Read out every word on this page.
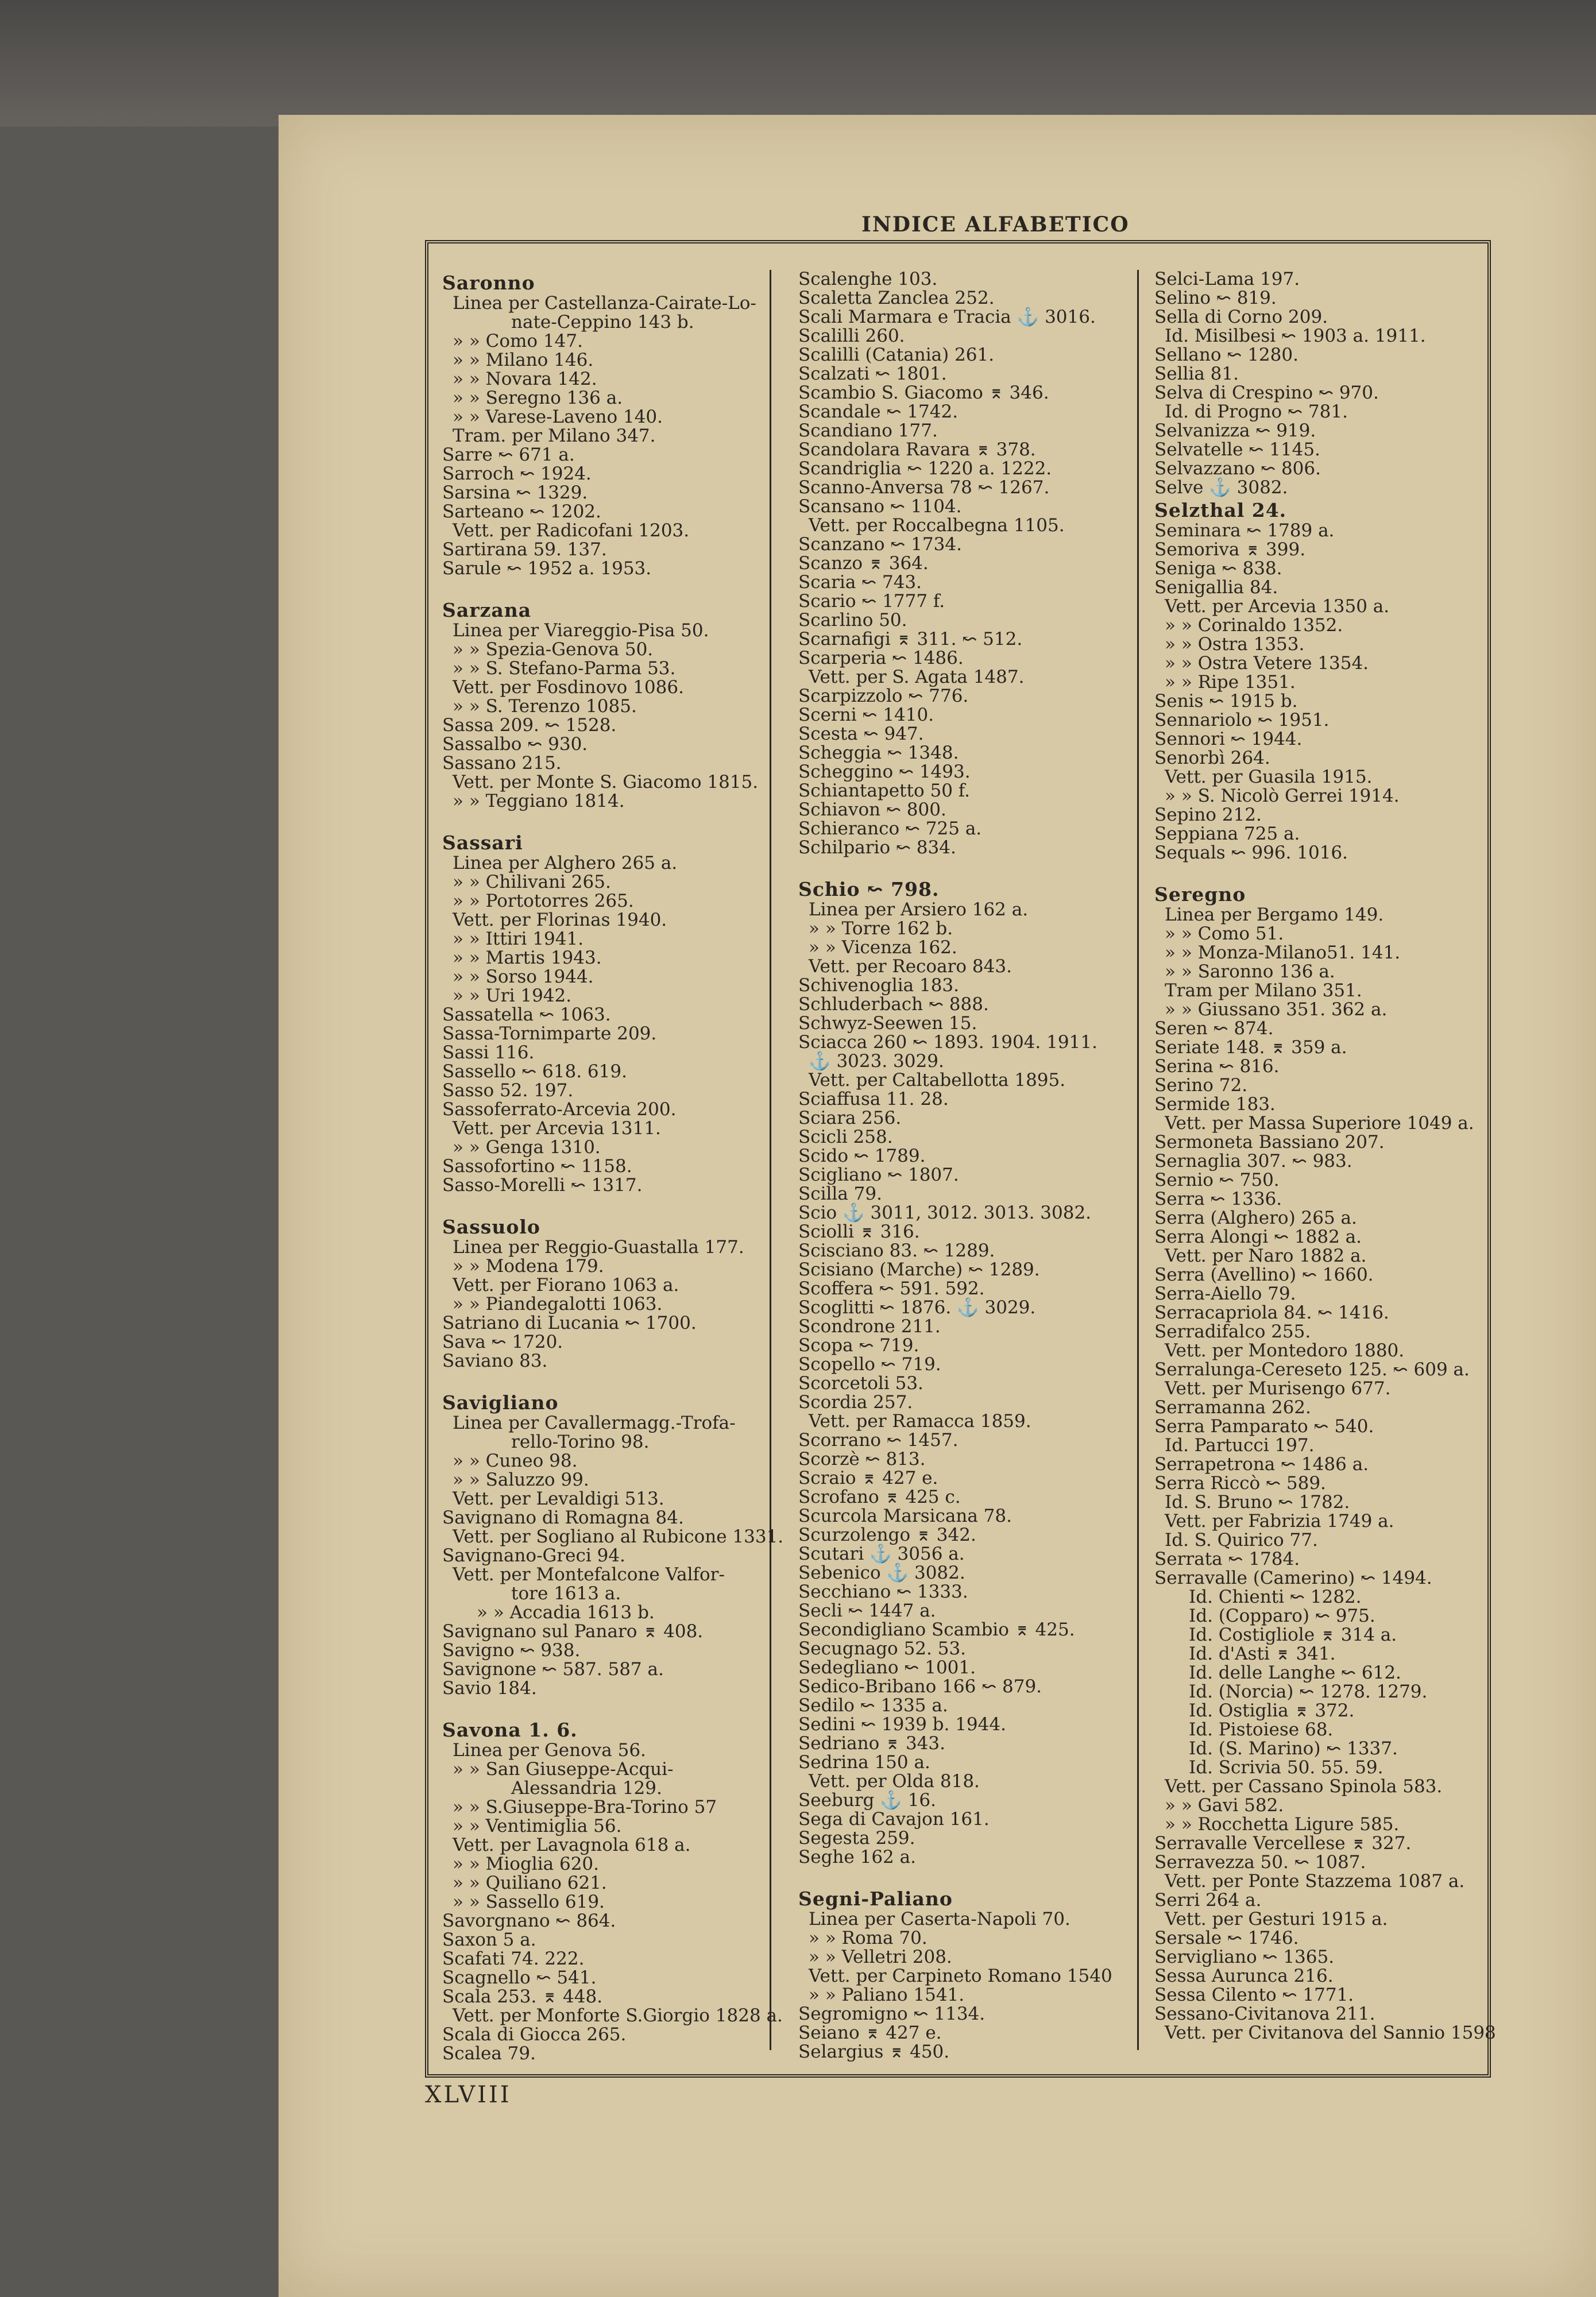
INDICE ALFABETICO
Saronno
Linea per Castellanza-Cairate-Lo-
nate-Ceppino 143 b.
» » Como 147.
» » Milano 146.
» » Novara 142.
» » Seregno 136 a.
» » Varese-Laveno 140.
Tram. per Milano 347.
Sarre ↜ 671 a.
Sarroch ↜ 1924.
Sarsina ↜ 1329.
Sarteano ↜ 1202.
Vett. per Radicofani 1203.
Sartirana 59. 137.
Sarule ↜ 1952 a. 1953.
Sarzana
Linea per Viareggio-Pisa 50.
» » Spezia-Genova 50.
» » S. Stefano-Parma 53.
Vett. per Fosdinovo 1086.
» » S. Terenzo 1085.
Sassa 209. ↜ 1528.
Sassalbo ↜ 930.
Sassano 215.
Vett. per Monte S. Giacomo 1815.
» » Teggiano 1814.
Sassari
Linea per Alghero 265 a.
» » Chilivani 265.
» » Portotorres 265.
Vett. per Florinas 1940.
» » Ittiri 1941.
» » Martis 1943.
» » Sorso 1944.
» » Uri 1942.
Sassatella ↜ 1063.
Sassa-Tornimparte 209.
Sassi 116.
Sassello ↜ 618. 619.
Sasso 52. 197.
Sassoferrato-Arcevia 200.
Vett. per Arcevia 1311.
» » Genga 1310.
Sassofortino ↜ 1158.
Sasso-Morelli ↜ 1317.
Sassuolo
Linea per Reggio-Guastalla 177.
» » Modena 179.
Vett. per Fiorano 1063 a.
» » Piandegalotti 1063.
Satriano di Lucania ↜ 1700.
Sava ↜ 1720.
Saviano 83.
Savigliano
Linea per Cavallermagg.-Trofa-
rello-Torino 98.
» » Cuneo 98.
» » Saluzzo 99.
Vett. per Levaldigi 513.
Savignano di Romagna 84.
Vett. per Sogliano al Rubicone 1331.
Savignano-Greci 94.
Vett. per Montefalcone Valfor-
tore 1613 a.
» » Accadia 1613 b.
Savignano sul Panaro ⌆ 408.
Savigno ↜ 938.
Savignone ↜ 587. 587 a.
Savio 184.
Savona 1. 6.
Linea per Genova 56.
» » San Giuseppe-Acqui-
Alessandria 129.
» » S.Giuseppe-Bra-Torino 57
» » Ventimiglia 56.
Vett. per Lavagnola 618 a.
» » Mioglia 620.
» » Quiliano 621.
» » Sassello 619.
Savorgnano ↜ 864.
Saxon 5 a.
Scafati 74. 222.
Scagnello ↜ 541.
Scala 253. ⌆ 448.
Vett. per Monforte S.Giorgio 1828 a.
Scala di Giocca 265.
Scalea 79.
Scalenghe 103.
Scaletta Zanclea 252.
Scali Marmara e Tracia ⚓ 3016.
Scalilli 260.
Scalilli (Catania) 261.
Scalzati ↜ 1801.
Scambio S. Giacomo ⌆ 346.
Scandale ↜ 1742.
Scandiano 177.
Scandolara Ravara ⌆ 378.
Scandriglia ↜ 1220 a. 1222.
Scanno-Anversa 78 ↜ 1267.
Scansano ↜ 1104.
Vett. per Roccalbegna 1105.
Scanzano ↜ 1734.
Scanzo ⌆ 364.
Scaria ↜ 743.
Scario ↜ 1777 f.
Scarlino 50.
Scarnafigi ⌆ 311. ↜ 512.
Scarperia ↜ 1486.
Vett. per S. Agata 1487.
Scarpizzolo ↜ 776.
Scerni ↜ 1410.
Scesta ↜ 947.
Scheggia ↜ 1348.
Scheggino ↜ 1493.
Schiantapetto 50 f.
Schiavon ↜ 800.
Schieranco ↜ 725 a.
Schilpario ↜ 834.
Schio ↜ 798.
Linea per Arsiero 162 a.
» » Torre 162 b.
» » Vicenza 162.
Vett. per Recoaro 843.
Schivenoglia 183.
Schluderbach ↜ 888.
Schwyz-Seewen 15.
Sciacca 260 ↜ 1893. 1904. 1911.
⚓ 3023. 3029.
Vett. per Caltabellotta 1895.
Sciaffusa 11. 28.
Sciara 256.
Scicli 258.
Scido ↜ 1789.
Scigliano ↜ 1807.
Scilla 79.
Scio ⚓ 3011, 3012. 3013. 3082.
Sciolli ⌆ 316.
Scisciano 83. ↜ 1289.
Scisiano (Marche) ↜ 1289.
Scoffera ↜ 591. 592.
Scoglitti ↜ 1876. ⚓ 3029.
Scondrone 211.
Scopa ↜ 719.
Scopello ↜ 719.
Scorcetoli 53.
Scordia 257.
Vett. per Ramacca 1859.
Scorrano ↜ 1457.
Scorzè ↜ 813.
Scraio ⌆ 427 e.
Scrofano ⌆ 425 c.
Scurcola Marsicana 78.
Scurzolengo ⌆ 342.
Scutari ⚓ 3056 a.
Sebenico ⚓ 3082.
Secchiano ↜ 1333.
Secli ↜ 1447 a.
Secondigliano Scambio ⌆ 425.
Secugnago 52. 53.
Sedegliano ↜ 1001.
Sedico-Bribano 166 ↜ 879.
Sedilo ↜ 1335 a.
Sedini ↜ 1939 b. 1944.
Sedriano ⌆ 343.
Sedrina 150 a.
Vett. per Olda 818.
Seeburg ⚓ 16.
Sega di Cavajon 161.
Segesta 259.
Seghe 162 a.
Segni-Paliano
Linea per Caserta-Napoli 70.
» » Roma 70.
» » Velletri 208.
Vett. per Carpineto Romano 1540
» » Paliano 1541.
Segromigno ↜ 1134.
Seiano ⌆ 427 e.
Selargius ⌆ 450.
Selci-Lama 197.
Selino ↜ 819.
Sella di Corno 209.
Id. Misilbesi ↜ 1903 a. 1911.
Sellano ↜ 1280.
Sellia 81.
Selva di Crespino ↜ 970.
Id. di Progno ↜ 781.
Selvanizza ↜ 919.
Selvatelle ↜ 1145.
Selvazzano ↜ 806.
Selve ⚓ 3082.
Selzthal 24.
Seminara ↜ 1789 a.
Semoriva ⌆ 399.
Seniga ↜ 838.
Senigallia 84.
Vett. per Arcevia 1350 a.
» » Corinaldo 1352.
» » Ostra 1353.
» » Ostra Vetere 1354.
» » Ripe 1351.
Senis ↜ 1915 b.
Sennariolo ↜ 1951.
Sennori ↜ 1944.
Senorbì 264.
Vett. per Guasila 1915.
» » S. Nicolò Gerrei 1914.
Sepino 212.
Seppiana 725 a.
Sequals ↜ 996. 1016.
Seregno
Linea per Bergamo 149.
» » Como 51.
» » Monza-Milano51. 141.
» » Saronno 136 a.
Tram per Milano 351.
» » Giussano 351. 362 a.
Seren ↜ 874.
Seriate 148. ⌆ 359 a.
Serina ↜ 816.
Serino 72.
Sermide 183.
Vett. per Massa Superiore 1049 a.
Sermoneta Bassiano 207.
Sernaglia 307. ↜ 983.
Sernio ↜ 750.
Serra ↜ 1336.
Serra (Alghero) 265 a.
Serra Alongi ↜ 1882 a.
Vett. per Naro 1882 a.
Serra (Avellino) ↜ 1660.
Serra-Aiello 79.
Serracapriola 84. ↜ 1416.
Serradifalco 255.
Vett. per Montedoro 1880.
Serralunga-Cereseto 125. ↜ 609 a.
Vett. per Murisengo 677.
Serramanna 262.
Serra Pamparato ↜ 540.
Id. Partucci 197.
Serrapetrona ↜ 1486 a.
Serra Riccò ↜ 589.
Id. S. Bruno ↜ 1782.
Vett. per Fabrizia 1749 a.
Id. S. Quirico 77.
Serrata ↜ 1784.
Serravalle (Camerino) ↜ 1494.
Id. Chienti ↜ 1282.
Id. (Copparo) ↜ 975.
Id. Costigliole ⌆ 314 a.
Id. d'Asti ⌆ 341.
Id. delle Langhe ↜ 612.
Id. (Norcia) ↜ 1278. 1279.
Id. Ostiglia ⌆ 372.
Id. Pistoiese 68.
Id. (S. Marino) ↜ 1337.
Id. Scrivia 50. 55. 59.
Vett. per Cassano Spinola 583.
» » Gavi 582.
» » Rocchetta Ligure 585.
Serravalle Vercellese ⌆ 327.
Serravezza 50. ↜ 1087.
Vett. per Ponte Stazzema 1087 a.
Serri 264 a.
Vett. per Gesturi 1915 a.
Sersale ↜ 1746.
Servigliano ↜ 1365.
Sessa Aurunca 216.
Sessa Cilento ↜ 1771.
Sessano-Civitanova 211.
Vett. per Civitanova del Sannio 1598
XLVIII
